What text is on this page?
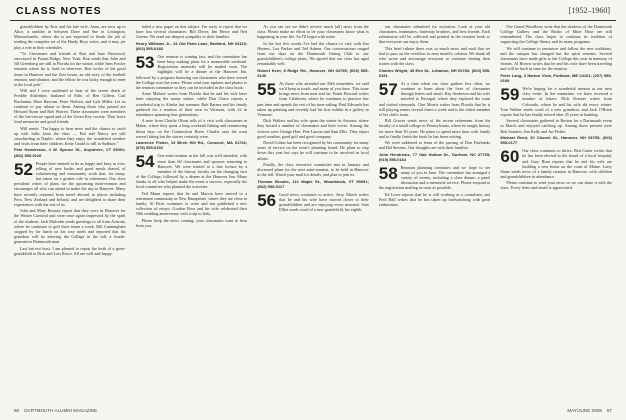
CLASS NOTES	[1952–1960]

grandchildren by Kris and his late wife, Anna, are now up to Alice, a rambler in between Dave and Sue in Lexington, Massachusetts, where she is not expected to finish the job of reading the complete set of the Hardy Boys series, and it may yet play a role in their schedules.

"To Classmates and friends of Ron and Jane Sherwood, ensconced in Pound Ridge, New York: Ron sends that John and Jill Greenberg are still in Florida for the winter, while Sam Fowler remains where he is, both in wherever. Ron writes of the good times in Hanover and the Zete house, an old story of the football reunion, and whatnot, and the fellow he was lucky enough to meet at the local pub."

Will and I were saddened to hear of the recent death of Freddie Schlenker, husband of Edie, of Ben Gilbert, Carl Buchanan, Dave Bascom, Peter Nielsen, and Lyle Miller. Let us continue to pay tribute to them. Among those who passed are Howard Stone and Bob Warren. These classmates were members of the fire-rescue squad and of the Green Key society. They leave fond memories and good friends.

Will sends: "I'm happy to hear news and the chance to catch up with folks from the class — Hal and Nancy are still snowbirding in Naples, where they enjoy the wonderful weather and visits from their children. Ernie Gould is still in Sudbury."

Pete Henderson, 4 W. Spruce St., Anywhere, VT 05001; (802) 555-0126

52 People here seemed to be as happy and busy as ever, telling of new books and good meals shared, of volunteering and community work that, for many, has taken on a greater role in retirement. Our class president writes of plans for the upcoming mini-reunion and encourages all who can attend to make the trip to Hanover. Many have recently returned from travel abroad, to places including Peru, New Zealand and Ireland, and are delighted to share their experiences with the rest of us.

John and Mary Bonney report that they were in Hanover for the Winter Carnival and were once again impressed by the spirit of the students. Jack Malcolm sends greetings to all from Arizona, where he continues to golf three times a week. Bill Cunningham stopped by for lunch on his way north and reported that his grandson will be entering the College in the fall, a fourth-generation Dartmouth man.

Last but not least, I am pleased to report the birth of a great-grandchild to Dick and Lois Rowe. All are well and happy.

failed a new paper on this subject. I'm sorry to report that we have lost several classmates: Bill Dever, Jim Hesse and Ned Greene. We send our deepest sympathy to their families.

Henry Williams Jr., 24 Old Farm Lane, Bedford, NH 03110; (603) 555-0183

53 Our reunion is coming fast, and the committee has been busy making plans for a memorable weekend. Registration materials will be mailed soon. The highlight will be a dinner at the Hanover Inn, followed by a program honoring our classmates who have served the College over the years. Please send your updates and photos to the reunion committee so they can be included in the class book.

Arnie Meltzer writes from Florida that he and his wife have been enjoying the sunny winter, while Don Chase reports a wonderful trip to Alaska last summer. Bob Barnes and his family gathered for a reunion of their own in Vermont, with 22 in attendance spanning four generations.

A note from Charlie Olson tells of a visit with classmates in Maine, where they spent a long weekend fishing and reminiscing about days on the Connecticut River. Charlie says the trout weren't biting but the stories certainly were.

Lawrence Fisher, 19 Birch Hill Rd., Concord, MA 01742; (978) 555-0152

54 Our mini-reunion in the fall was well attended, with more than 60 classmates and spouses returning to Hanover. We were treated to a fine lecture by a member of the history faculty on the changing face of the College, followed by a dinner at the Hanover Inn. Many thanks to all who helped make the event a success, especially the local committee who planned the activities.

Ted Mann reports that he and Marcia have moved to a retirement community in New Hampshire, where they are close to family. Al Fitch continues to write and has published a new collection of essays. Gordon Ross and his wife celebrated their 50th wedding anniversary with a trip to Italy.

Please keep the news coming; your classmates want to hear from you.

As you can see we didn't receive much (all) news from the class. Please make an effort to let your classmates know what is happening in your life. So I'll begin with mine.

In the last few weeks I've had the chance to visit with Jim Haynes, Lou Parker and Ted Adams. Our conversations ranged from our days on the Dartmouth Outing Club to our grandchildren's college plans. We agreed that our class has aged remarkably well.

Robert Kent, 8 Ridge Rd., Hanover, NH 03755; (603) 555-0140

55 As those who attended our 50th remember, we said we'd keep in touch, and many of you have. This issue brings news from near and far. Frank Howard writes from California, where he continues to practice law part time and spends the rest of his time sailing. Paul Edwards has taken up painting and recently had his first exhibit in a gallery in Vermont.

Dick Walters and his wife spent the winter in Arizona, where they hosted a number of classmates and their wives. Among the visitors were George Hart, Pete Larson and Sam Ellis. They report good weather, good golf and good company.

David Cohen has been recognized by his community for many years of service on the town's planning board. He plans to step down this year but says he will continue to be involved in local affairs.

Finally, the class executive committee met in January and discussed plans for the next mini-reunion, to be held in Hanover in the fall. Watch your mail for details, and plan to join us.

Thomas Brooks, 112 Maple St., Woodstock, VT 05091; (802) 555-0117

56 Good news continues to arrive. Jerry Marsh writes that he and his wife have moved closer to their grandchildren and are enjoying every moment. Stan Elliot sends word of a new grandchild, his eighth.

our classmates submitted for inclusion. Look at your old classmates, teammates, fraternity brothers, and best friends. Each submission will be collected and printed in the reunion book so that everyone can enjoy them.

This brief tribute there was so much news and mail that we had to pass on the overflow to next month's column. We thank all who wrote and encourage everyone to continue sharing their stories with the class.

Charles Wright, 45 Elm St., Lebanon, NH 03766; (603) 555-0191

57 At a time when our class gathers less often, we continue to learn about the lives of classmates through letters and email. Ray Anderson and his wife traveled to Portugal, where they explored the coast and visited vineyards. Chet Morris writes from Florida that he is still playing tennis several times a week and is the oldest member of his club's team.

Bill Graves sends news of his recent retirement from the faculty of a small college in Pennsylvania, where he taught history for more than 30 years. He plans to spend more time with family and to finally finish the book he has been writing.

We were saddened to learn of the passing of Don Fairbanks and Hal Stevens. Our thoughts are with their families.

John Hendricks, 77 Oak Hollow Dr., Durham, NC 27705; (919) 555-0164

58 Reunion planning continues and we hope to see many of you in June. The committee has arranged a variety of events, including a class dinner, a panel discussion and a memorial service. Please respond to the registration mailing as soon as possible.

Ed Lowe reports that he is still working as a consultant, and Fred Hall writes that he has taken up birdwatching with great enthusiasm.

Our Grand Woodbury write that the shadows of the Dartmouth College Gallery and the Books of Mine Hour are still remembered. The class hopes to continue its tradition of supporting the College library and its many programs.

We will continue to reminisce and follow the new traditions, and the campus has changed but the spirit remains. Several classmates have made gifts to the College this year in memory of friends. Al Brown writes that he and his wife have been traveling and will be back in time for the reunion.

Peter Lang, 3 Harbor View, Portland, ME 04101; (207) 555-0109

59 We're hoping for a wonderful turnout at our next class event. In the meantime, we have received a number of letters. Dick Kramer writes from Colorado, where he and his wife ski every winter. Tom Walker sends word of a new grandson, and Jack O'Brien reports that he has finally retired after 45 years in banking.

Several classmates gathered in Boston for a Dartmouth event in March and enjoyed catching up. Among those present were Bob Sanders, Jim Kelly and Art Fisher.

Michael Reed, 20 Church St., Hanover, NH 03755; (603) 555-0177

60 Our class continues to thrive. Ben Carter writes that he has been elected to the board of a local hospital, and Gary Hunt reports that he and his wife are building a new home on the coast of Maine. Larry Stone sends news of a family reunion in Hanover, with children and grandchildren in attendance.

Please continue to send your news so we can share it with the class. Every letter and email is appreciated.

66 DARTMOUTH ALUMNI MAGAZINE	MAY/JUNE 2008 67
